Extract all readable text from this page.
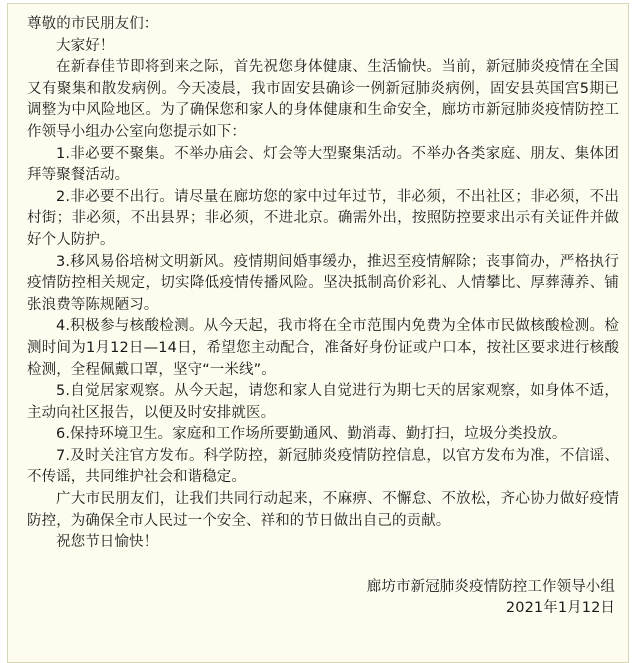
尊敬的市民朋友们：

大家好！

在新春佳节即将到来之际，首先祝您身体健康、生活愉快。当前，新冠肺炎疫情在全国又有聚集和散发病例。今天凌晨，我市固安县确诊一例新冠肺炎病例，固安县英国宫5期已调整为中风险地区。为了确保您和家人的身体健康和生命安全，廊坊市新冠肺炎疫情防控工作领导小组办公室向您提示如下：

1.非必要不聚集。不举办庙会、灯会等大型聚集活动。不举办各类家庭、朋友、集体团拜等聚餐活动。

2.非必要不出行。请尽量在廊坊您的家中过年过节，非必须，不出社区；非必须，不出村街；非必须，不出县界；非必须，不进北京。确需外出，按照防控要求出示有关证件并做好个人防护。

3.移风易俗培树文明新风。疫情期间婚事缓办，推迟至疫情解除；丧事简办，严格执行疫情防控相关规定，切实降低疫情传播风险。坚决抵制高价彩礼、人情攀比、厚葬薄养、铺张浪费等陈规陋习。

4.积极参与核酸检测。从今天起，我市将在全市范围内免费为全体市民做核酸检测。检测时间为1月12日—14日，希望您主动配合，准备好身份证或户口本，按社区要求进行核酸检测，全程佩戴口罩，坚守“一米线”。

5.自觉居家观察。从今天起，请您和家人自觉进行为期七天的居家观察，如身体不适，主动向社区报告，以便及时安排就医。

6.保持环境卫生。家庭和工作场所要勤通风、勤消毒、勤打扫，垃圾分类投放。

7.及时关注官方发布。科学防控，新冠肺炎疫情防控信息，以官方发布为准，不信谣、不传谣，共同维护社会和谐稳定。

广大市民朋友们，让我们共同行动起来，不麻痹、不懈怠、不放松，齐心协力做好疫情防控，为确保全市人民过一个安全、祥和的节日做出自己的贡献。

祝您节日愉快！

廊坊市新冠肺炎疫情防控工作领导小组

2021年1月12日
